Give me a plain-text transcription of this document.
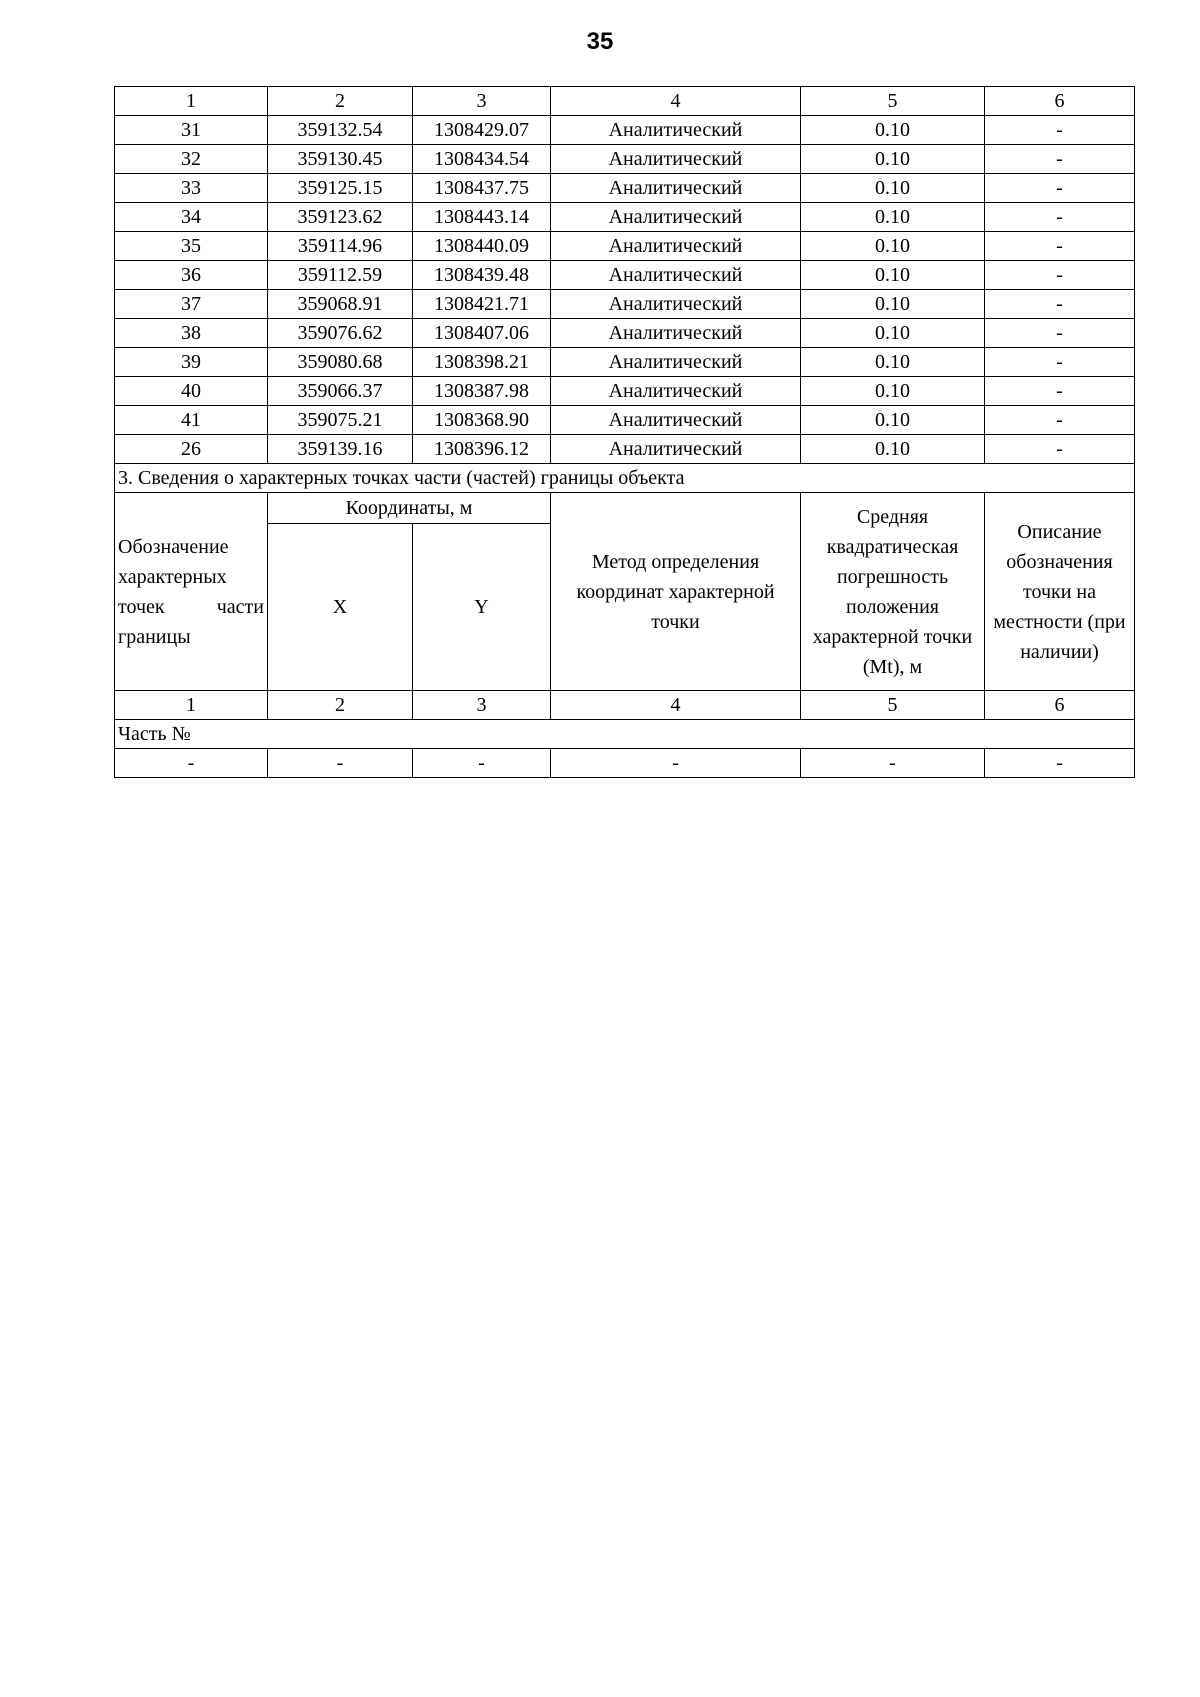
35
1	2	3	4	5	6
31	359132.54	1308429.07	Аналитический	0.10	-
32	359130.45	1308434.54	Аналитический	0.10	-
33	359125.15	1308437.75	Аналитический	0.10	-
34	359123.62	1308443.14	Аналитический	0.10	-
35	359114.96	1308440.09	Аналитический	0.10	-
36	359112.59	1308439.48	Аналитический	0.10	-
37	359068.91	1308421.71	Аналитический	0.10	-
38	359076.62	1308407.06	Аналитический	0.10	-
39	359080.68	1308398.21	Аналитический	0.10	-
40	359066.37	1308387.98	Аналитический	0.10	-
41	359075.21	1308368.90	Аналитический	0.10	-
26	359139.16	1308396.12	Аналитический	0.10	-
3. Сведения о характерных точках части (частей) границы объекта					
Обозначение характерных точек части границы	Координаты, м		Метод определения координат характерной точки	Средняя квадратическая погрешность положения характерной точки (Mt), м	Описание обозначения точки на местности (при наличии)
	X	Y			
1	2	3	4	5	6
Часть №					
-	-	-	-	-	-
